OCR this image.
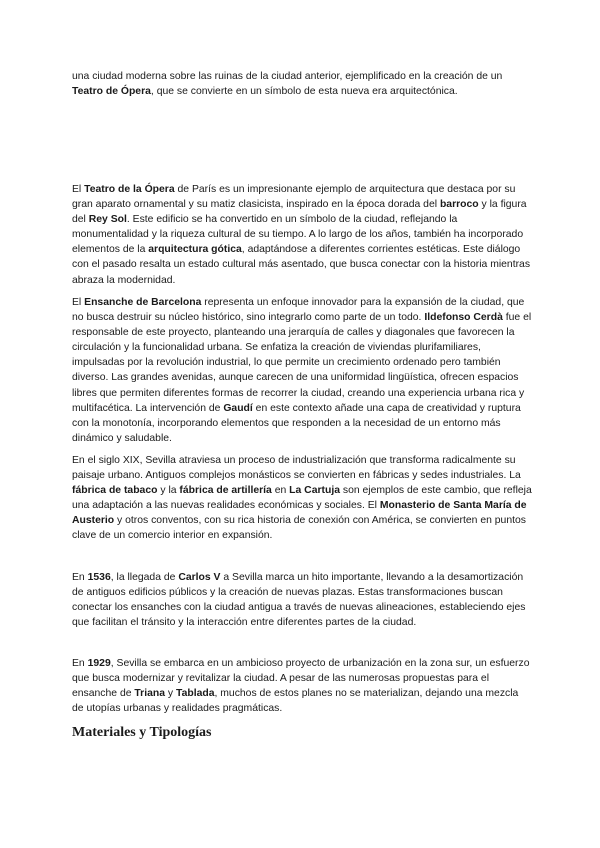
una ciudad moderna sobre las ruinas de la ciudad anterior, ejemplificado en la creación de un Teatro de Ópera, que se convierte en un símbolo de esta nueva era arquitectónica.

El Teatro de la Ópera de París es un impresionante ejemplo de arquitectura que destaca por su gran aparato ornamental y su matiz clasicista, inspirado en la época dorada del barroco y la figura del Rey Sol. Este edificio se ha convertido en un símbolo de la ciudad, reflejando la monumentalidad y la riqueza cultural de su tiempo. A lo largo de los años, también ha incorporado elementos de la arquitectura gótica, adaptándose a diferentes corrientes estéticas. Este diálogo con el pasado resalta un estado cultural más asentado, que busca conectar con la historia mientras abraza la modernidad.

El Ensanche de Barcelona representa un enfoque innovador para la expansión de la ciudad, que no busca destruir su núcleo histórico, sino integrarlo como parte de un todo. Ildefonso Cerdà fue el responsable de este proyecto, planteando una jerarquía de calles y diagonales que favorecen la circulación y la funcionalidad urbana. Se enfatiza la creación de viviendas plurifamiliares, impulsadas por la revolución industrial, lo que permite un crecimiento ordenado pero también diverso. Las grandes avenidas, aunque carecen de una uniformidad lingüística, ofrecen espacios libres que permiten diferentes formas de recorrer la ciudad, creando una experiencia urbana rica y multifacética. La intervención de Gaudí en este contexto añade una capa de creatividad y ruptura con la monotonía, incorporando elementos que responden a la necesidad de un entorno más dinámico y saludable.

En el siglo XIX, Sevilla atraviesa un proceso de industrialización que transforma radicalmente su paisaje urbano. Antiguos complejos monásticos se convierten en fábricas y sedes industriales. La fábrica de tabaco y la fábrica de artillería en La Cartuja son ejemplos de este cambio, que refleja una adaptación a las nuevas realidades económicas y sociales. El Monasterio de Santa María de Austerio y otros conventos, con su rica historia de conexión con América, se convierten en puntos clave de un comercio interior en expansión.

En 1536, la llegada de Carlos V a Sevilla marca un hito importante, llevando a la desamortización de antiguos edificios públicos y la creación de nuevas plazas. Estas transformaciones buscan conectar los ensanches con la ciudad antigua a través de nuevas alineaciones, estableciendo ejes que facilitan el tránsito y la interacción entre diferentes partes de la ciudad.

En 1929, Sevilla se embarca en un ambicioso proyecto de urbanización en la zona sur, un esfuerzo que busca modernizar y revitalizar la ciudad. A pesar de las numerosas propuestas para el ensanche de Triana y Tablada, muchos de estos planes no se materializan, dejando una mezcla de utopías urbanas y realidades pragmáticas.

Materiales y Tipologías
